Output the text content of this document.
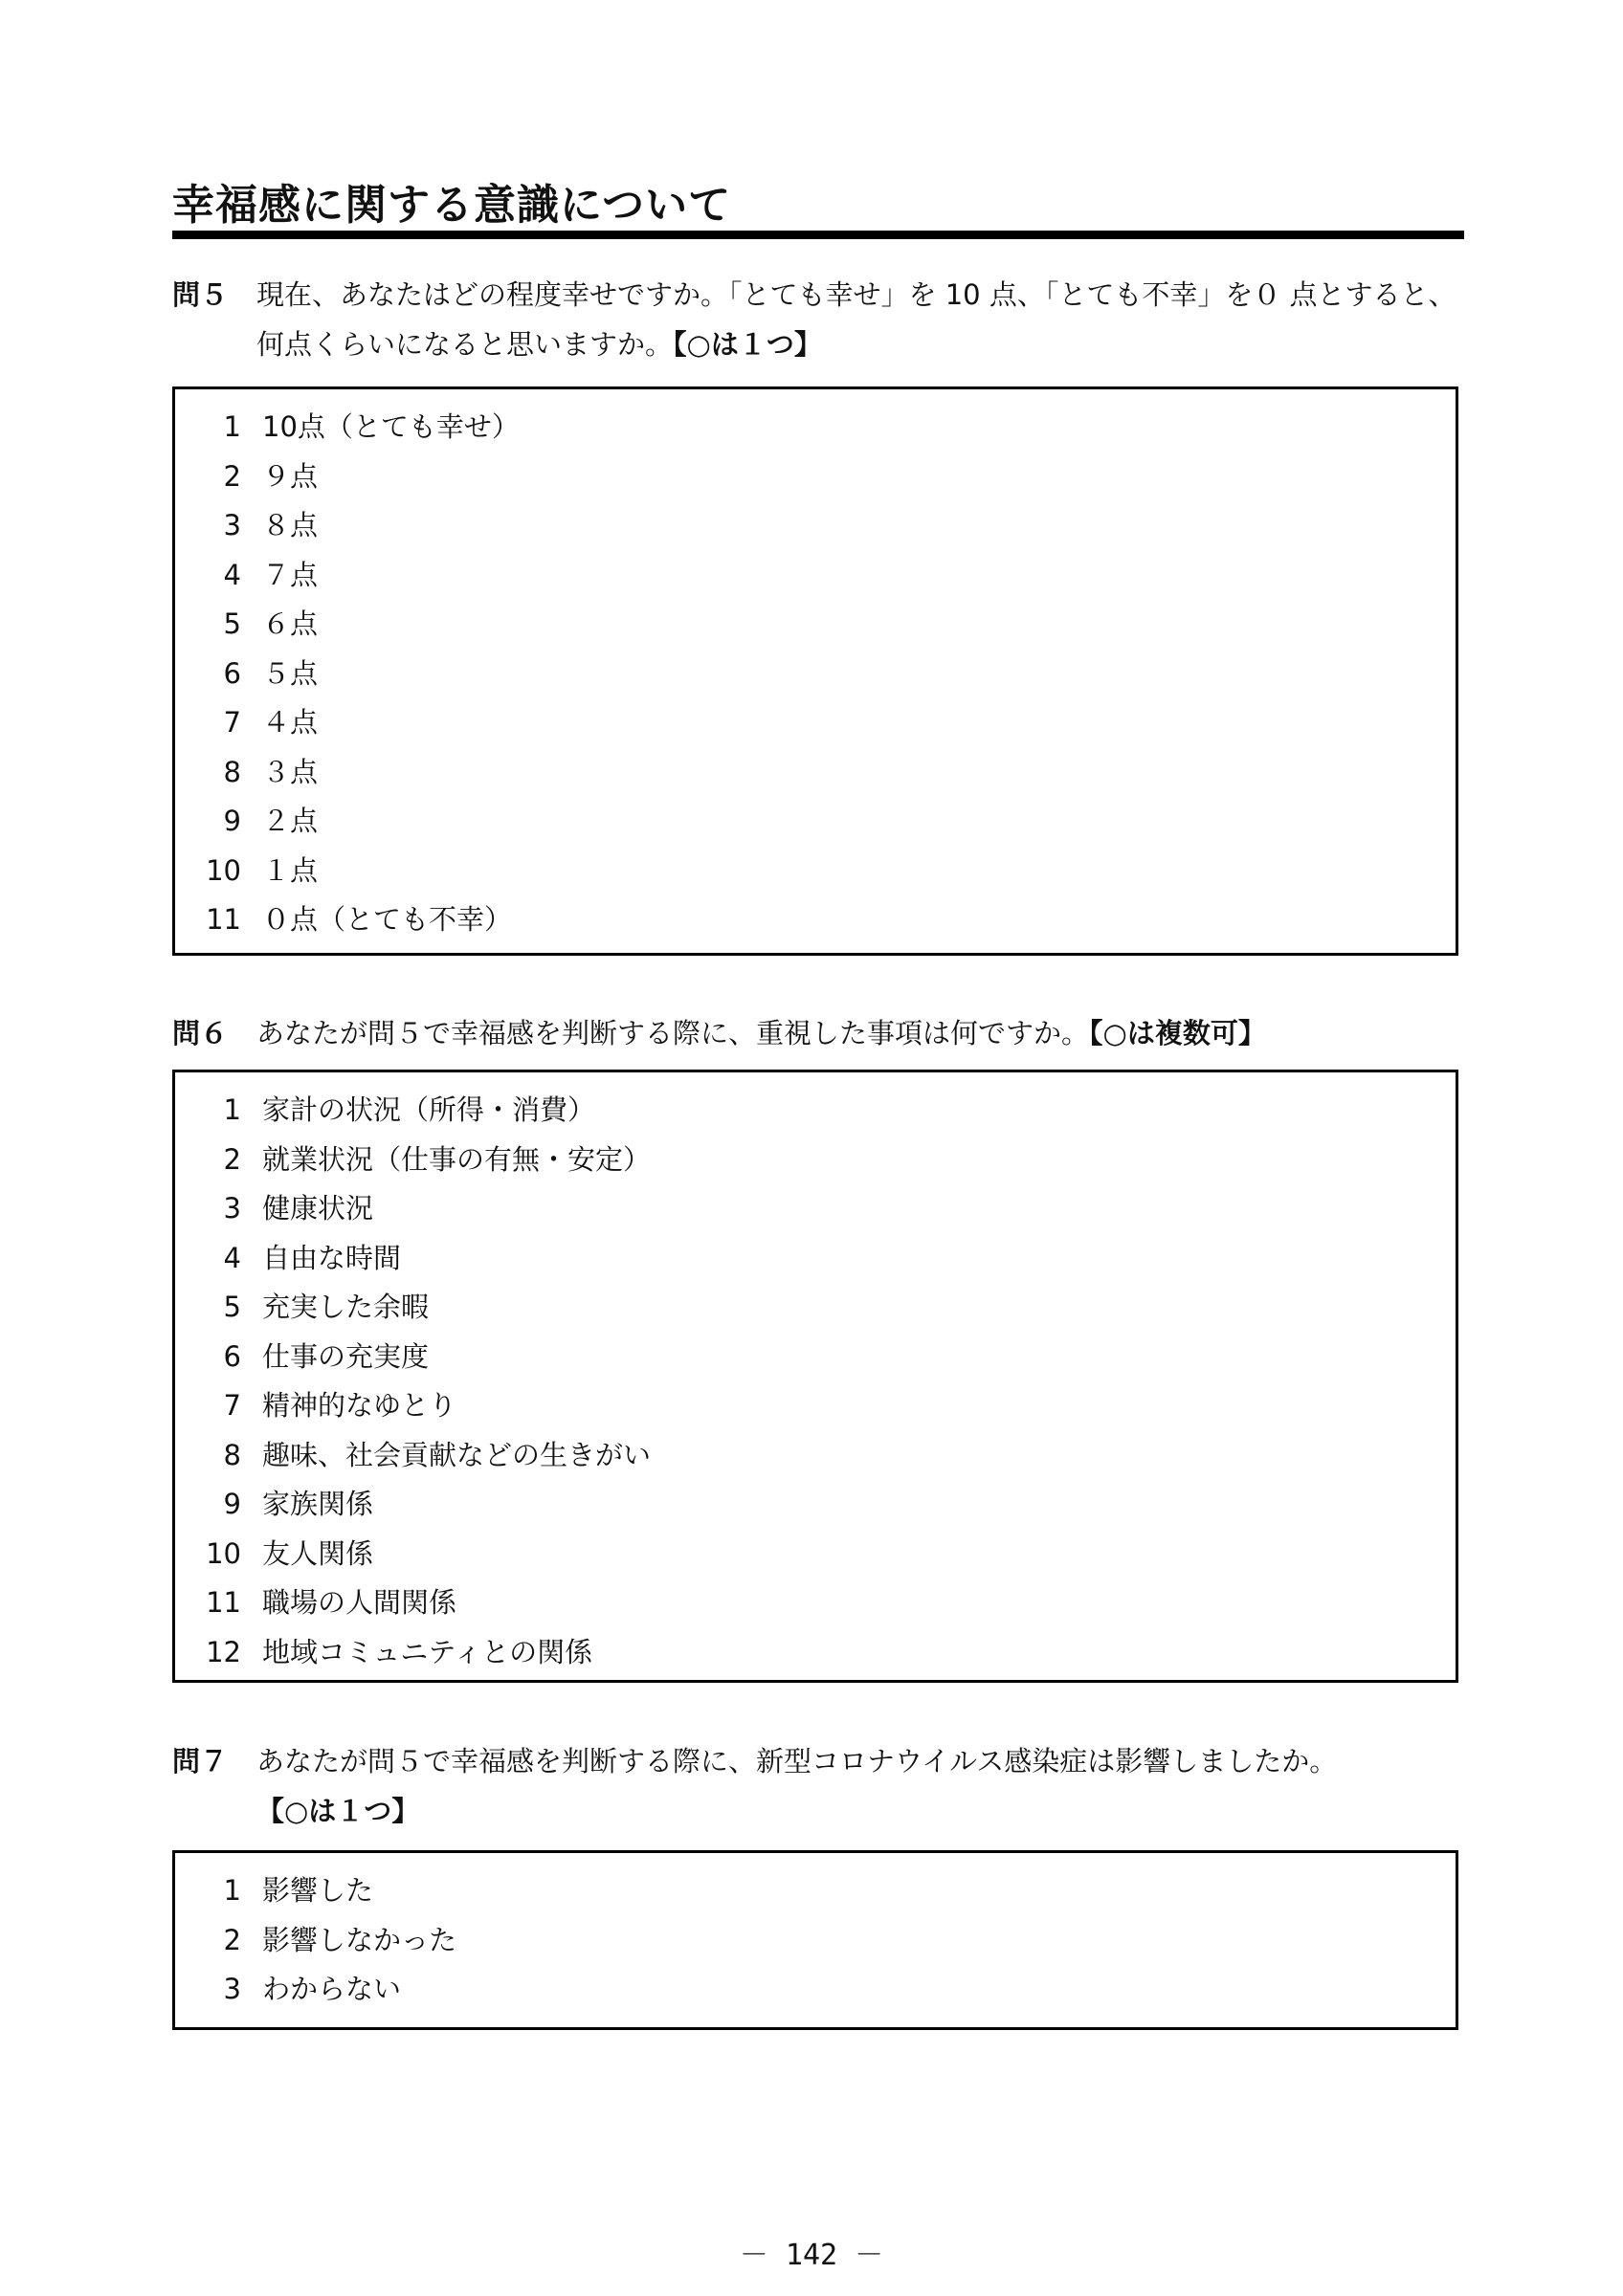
幸福感に関する意識について
問５ 現在、あなたはどの程度幸せですか。「とても幸せ」を 10 点、「とても不幸」を０ 点とすると、何点くらいになると思いますか。【○は１つ】
1 10点（とても幸せ）
2 ９点
3 ８点
4 ７点
5 ６点
6 ５点
7 ４点
8 ３点
9 ２点
10 １点
11 ０点（とても不幸）
問６ あなたが問５で幸福感を判断する際に、重視した事項は何ですか。【○は複数可】
1 家計の状況（所得・消費）
2 就業状況（仕事の有無・安定）
3 健康状況
4 自由な時間
5 充実した余暇
6 仕事の充実度
7 精神的なゆとり
8 趣味、社会貢献などの生きがい
9 家族関係
10 友人関係
11 職場の人間関係
12 地域コミュニティとの関係
問７ あなたが問５で幸福感を判断する際に、新型コロナウイルス感染症は影響しましたか。
【○は１つ】
1 影響した
2 影響しなかった
3 わからない
－ 142 －
